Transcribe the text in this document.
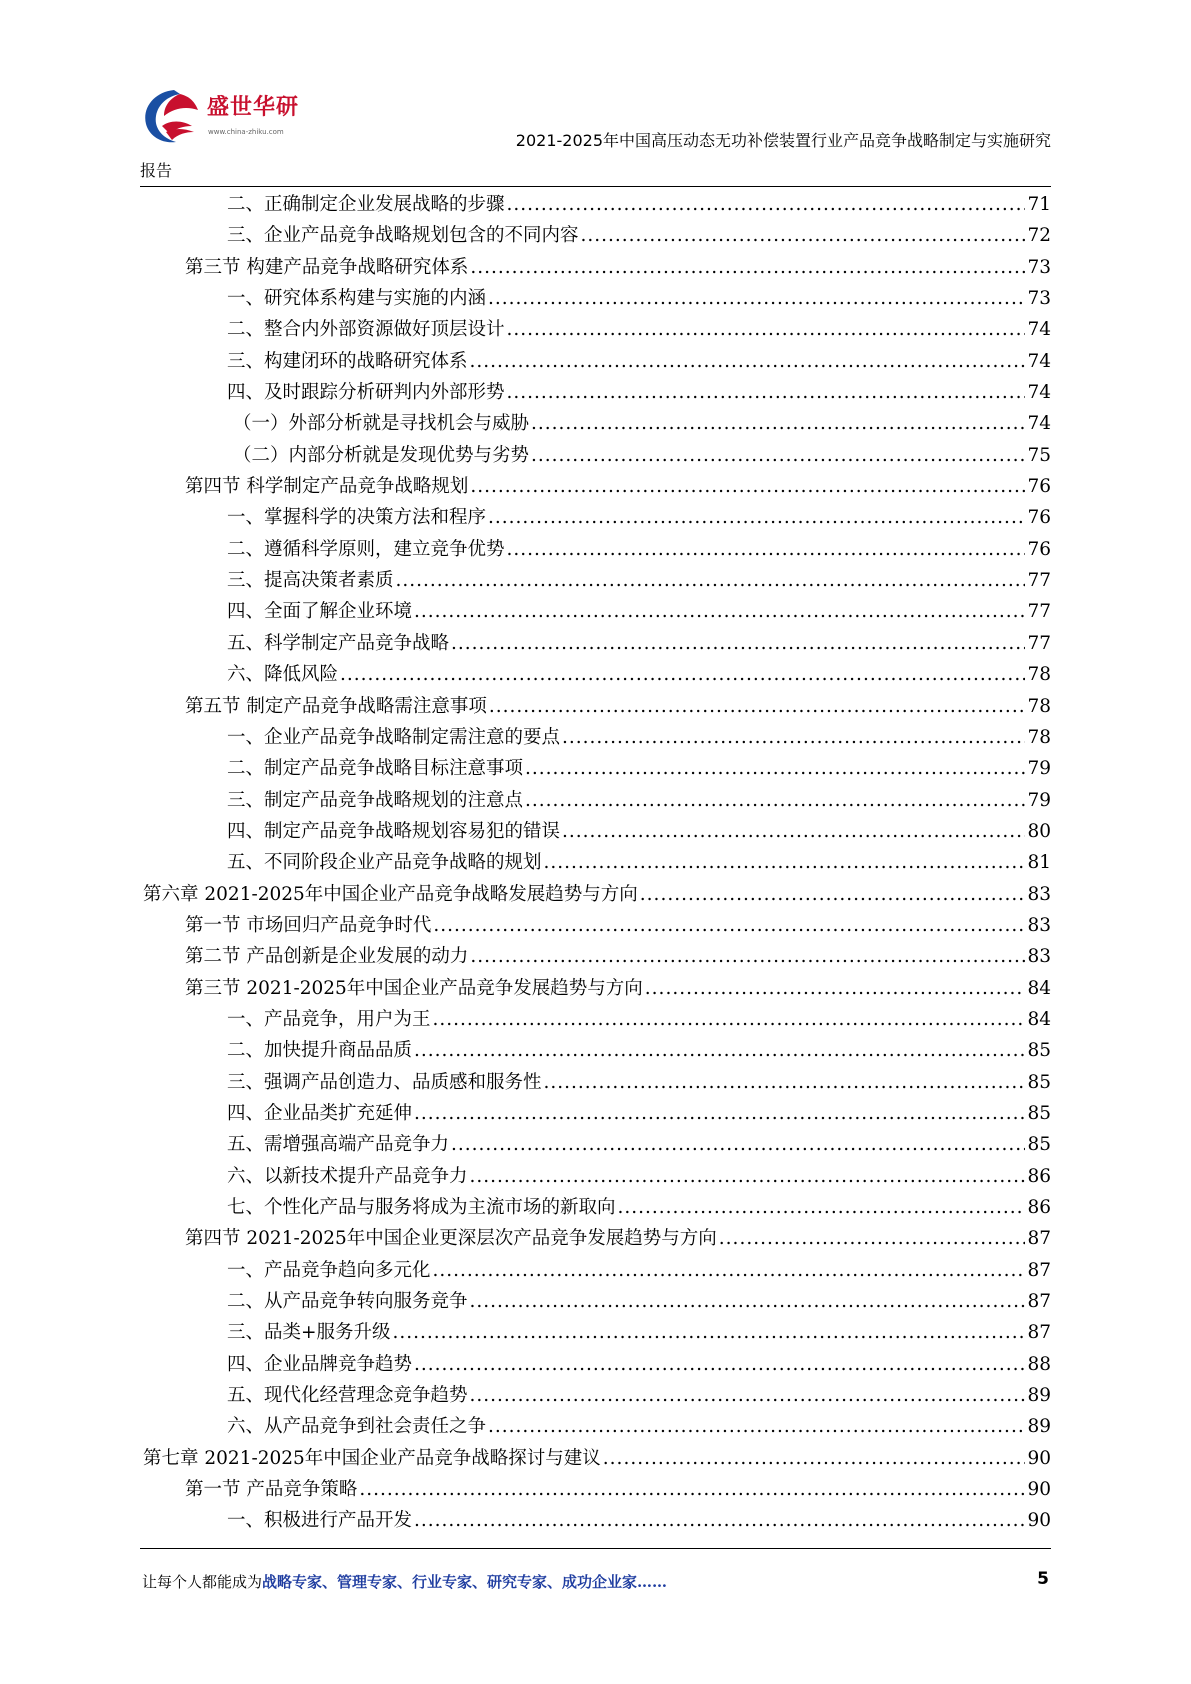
盛世华研
www.china-zhiku.com	2021-2025年中国高压动态无功补偿装置行业产品竞争战略制定与实施研究
报告
二、正确制定企业发展战略的步骤 .....	71
三、企业产品竞争战略规划包含的不同内容 .....	72
第三节 构建产品竞争战略研究体系 .....	73
一、研究体系构建与实施的内涵 .....	73
二、整合内外部资源做好顶层设计 .....	74
三、构建闭环的战略研究体系 .....	74
四、及时跟踪分析研判内外部形势 .....	74
（一）外部分析就是寻找机会与威胁 .....	74
（二）内部分析就是发现优势与劣势 .....	75
第四节 科学制定产品竞争战略规划 .....	76
一、掌握科学的决策方法和程序 .....	76
二、遵循科学原则，建立竞争优势 .....	76
三、提高决策者素质 .....	77
四、全面了解企业环境 .....	77
五、科学制定产品竞争战略 .....	77
六、降低风险 .....	78
第五节 制定产品竞争战略需注意事项 .....	78
一、企业产品竞争战略制定需注意的要点 .....	78
二、制定产品竞争战略目标注意事项 .....	79
三、制定产品竞争战略规划的注意点 .....	79
四、制定产品竞争战略规划容易犯的错误 .....	80
五、不同阶段企业产品竞争战略的规划 .....	81
第六章 2021-2025年中国企业产品竞争战略发展趋势与方向 .....	83
第一节 市场回归产品竞争时代 .....	83
第二节 产品创新是企业发展的动力 .....	83
第三节 2021-2025年中国企业产品竞争发展趋势与方向 .....	84
一、产品竞争，用户为王 .....	84
二、加快提升商品品质 .....	85
三、强调产品创造力、品质感和服务性 .....	85
四、企业品类扩充延伸 .....	85
五、需增强高端产品竞争力 .....	85
六、以新技术提升产品竞争力 .....	86
七、个性化产品与服务将成为主流市场的新取向 .....	86
第四节 2021-2025年中国企业更深层次产品竞争发展趋势与方向 .....	87
一、产品竞争趋向多元化 .....	87
二、从产品竞争转向服务竞争 .....	87
三、品类+服务升级 .....	87
四、企业品牌竞争趋势 .....	88
五、现代化经营理念竞争趋势 .....	89
六、从产品竞争到社会责任之争 .....	89
第七章 2021-2025年中国企业产品竞争战略探讨与建议 .....	90
第一节 产品竞争策略 .....	90
一、积极进行产品开发 .....	90
让每个人都能成为战略专家、管理专家、行业专家、研究专家、成功企业家……	5
